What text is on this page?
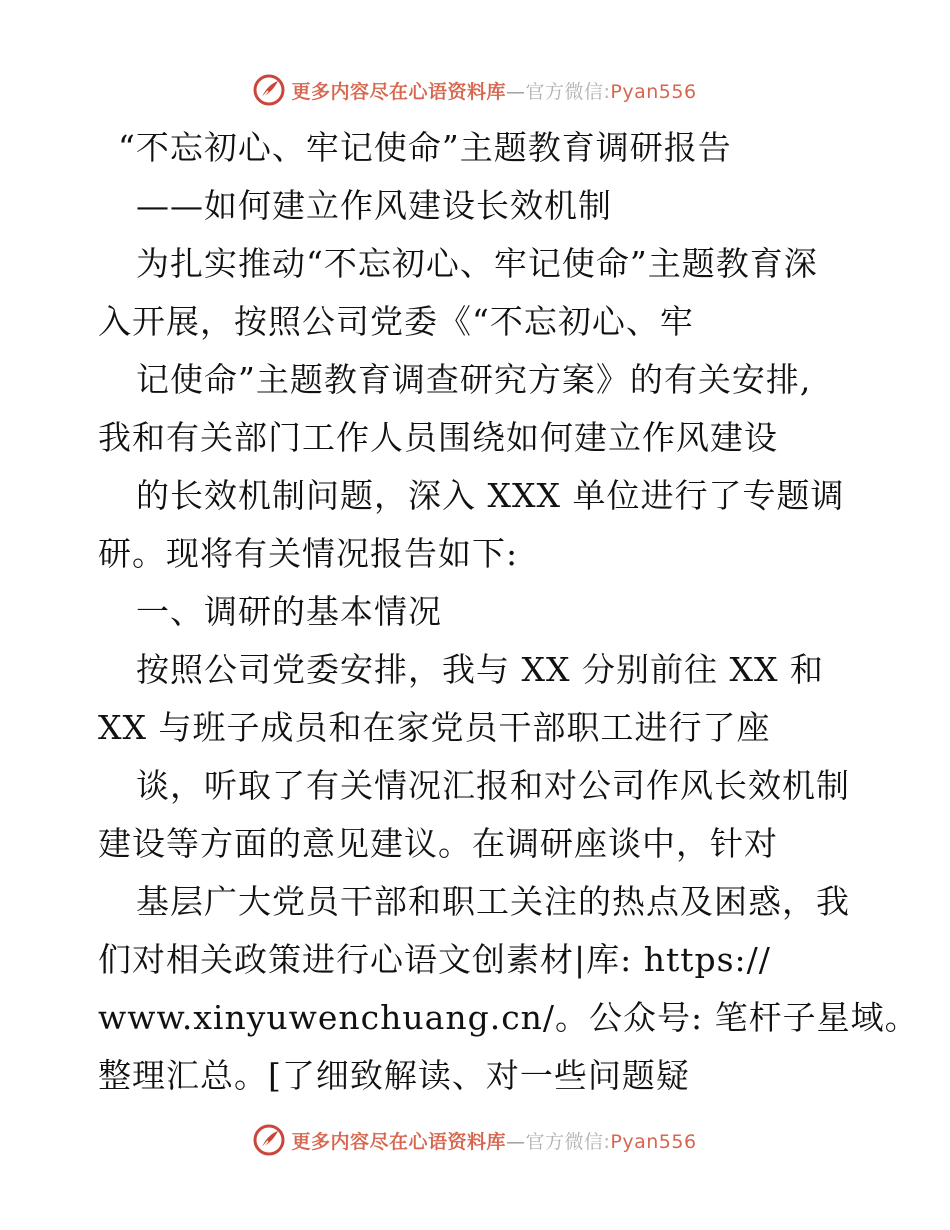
更多内容尽在心语资料库—官方微信:Pyan556
“不忘初心、牢记使命”主题教育调研报告
——如何建立作风建设长效机制
为扎实推动“不忘初心、牢记使命”主题教育深
入开展，按照公司党委《“不忘初心、牢
记使命”主题教育调查研究方案》的有关安排,
我和有关部门工作人员围绕如何建立作风建设
的长效机制问题，深入 XXX 单位进行了专题调
研。现将有关情况报告如下:
一、调研的基本情况
按照公司党委安排，我与 XX 分别前往 XX 和
XX 与班子成员和在家党员干部职工进行了座
谈，听取了有关情况汇报和对公司作风长效机制
建设等方面的意见建议。在调研座谈中，针对
基层广大党员干部和职工关注的热点及困惑，我
们对相关政策进行心语文创素材|库: https://
www.xinyuwenchuang.cn/。公众号: 笔杆子星域。
整理汇总。[了细致解读、对一些问题疑
更多内容尽在心语资料库—官方微信:Pyan556
